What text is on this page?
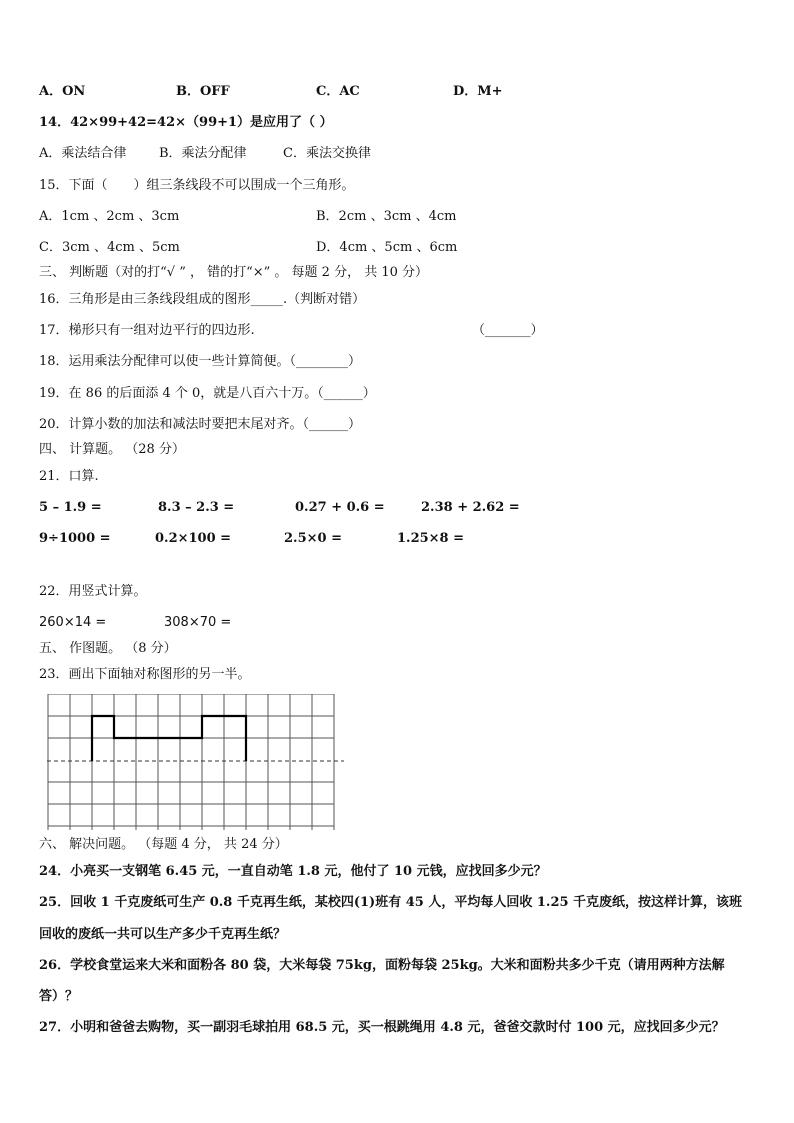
A．ON	B．OFF	C．AC	D．M+
14．42×99+42=42×（99+1）是应用了（ ）
A．乘法结合律	B．乘法分配律	C．乘法交换律
15．下面（　　）组三条线段不可以围成一个三角形。
A．1cm 、2cm 、3cm	B．2cm 、3cm 、4cm
C．3cm 、4cm 、5cm	D．4cm 、5cm 、6cm
三、 判断题（对的打“√ ” ， 错的打“×” 。 每题 2 分， 共 10 分）
16．三角形是由三条线段组成的图形_____.（判断对错）
17．梯形只有一组对边平行的四边形.	（_______）
18．运用乘法分配律可以使一些计算简便。（________）
19．在 86 的后面添 4 个 0，就是八百六十万。（______）
20．计算小数的加法和减法时要把末尾对齐。（______）
四、 计算题。 （28 分）
21．口算.
5 – 1.9 =	8.3 – 2.3 =	0.27 + 0.6 =	2.38 + 2.62 =
9÷1000 =	0.2×100 =	2.5×0 =	1.25×8 =
22．用竖式计算。
260×14 =	308×70 =
五、 作图题。 （8 分）
23．画出下面轴对称图形的另一半。
六、 解决问题。 （每题 4 分， 共 24 分）
24．小亮买一支钢笔 6.45 元，一直自动笔 1.8 元，他付了 10 元钱，应找回多少元？
25．回收 1 千克废纸可生产 0.8 千克再生纸，某校四(1)班有 45 人，平均每人回收 1.25 千克废纸，按这样计算，该班
回收的废纸一共可以生产多少千克再生纸？
26．学校食堂运来大米和面粉各 80 袋，大米每袋 75kg，面粉每袋 25kg。大米和面粉共多少千克（请用两种方法解
答）？
27．小明和爸爸去购物，买一副羽毛球拍用 68.5 元，买一根跳绳用 4.8 元，爸爸交款时付 100 元，应找回多少元？
